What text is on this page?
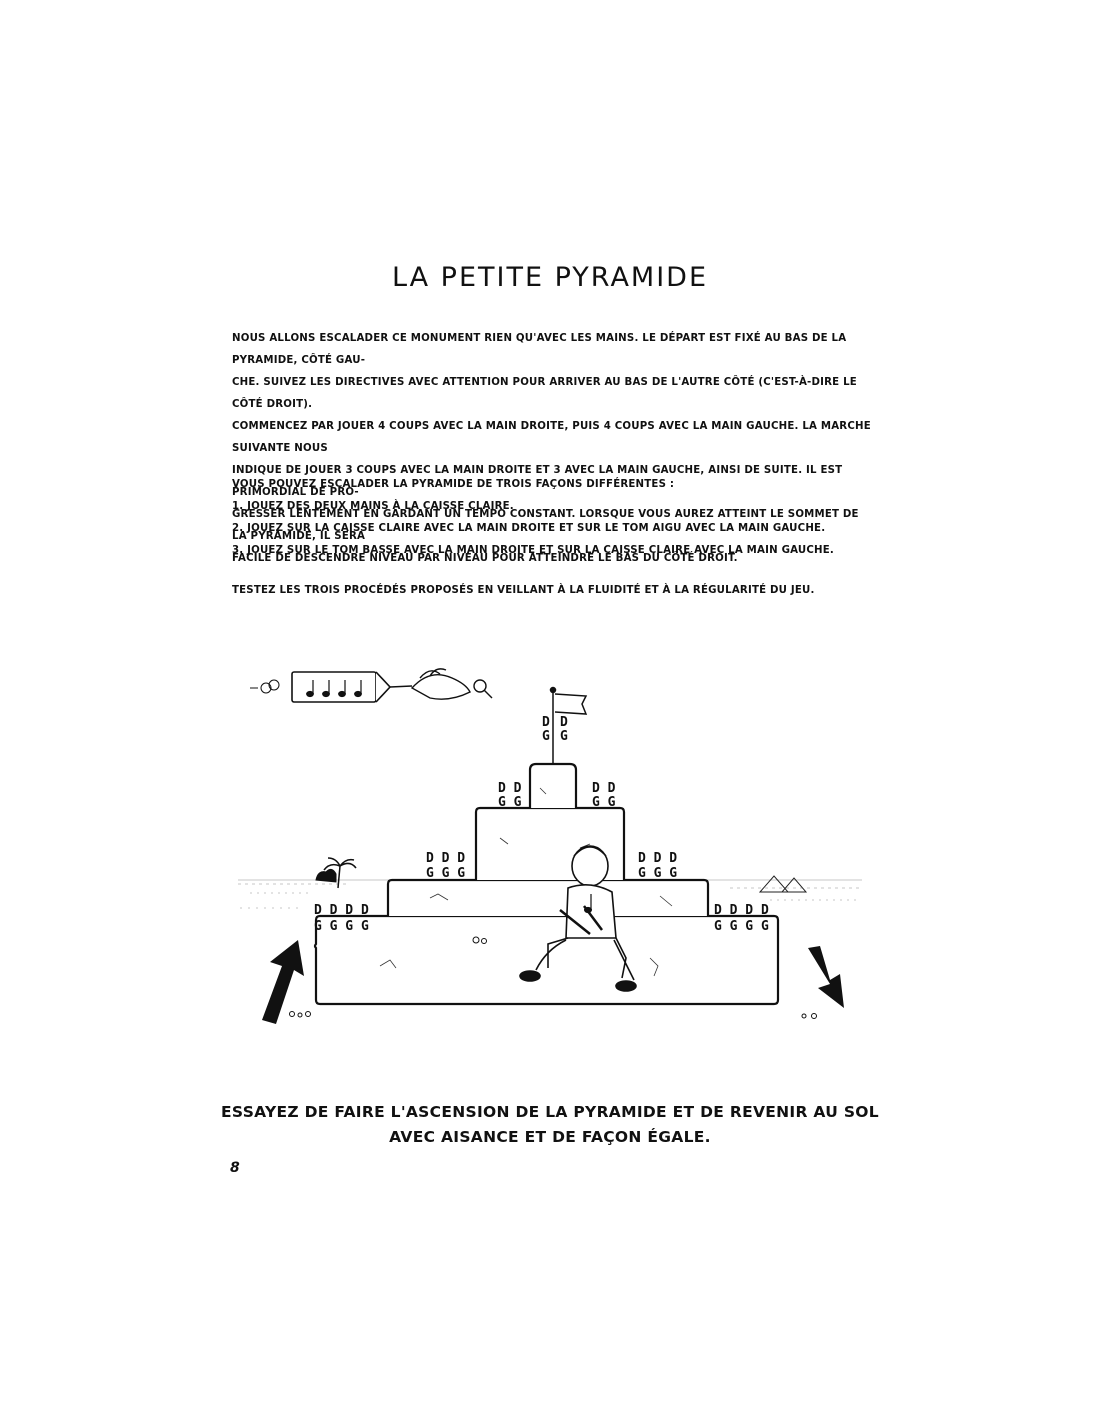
LA PETITE PYRAMIDE

NOUS ALLONS ESCALADER CE MONUMENT RIEN QU'AVEC LES MAINS. LE DÉPART EST FIXÉ AU BAS DE LA PYRAMIDE, CÔTÉ GAU-

CHE. SUIVEZ LES DIRECTIVES AVEC ATTENTION POUR ARRIVER AU BAS DE L'AUTRE CÔTÉ (C'EST-À-DIRE LE CÔTÉ DROIT).

COMMENCEZ PAR JOUER 4 COUPS AVEC LA MAIN DROITE, PUIS 4 COUPS AVEC LA MAIN GAUCHE. LA MARCHE SUIVANTE NOUS

INDIQUE DE JOUER 3 COUPS AVEC LA MAIN DROITE ET 3 AVEC LA MAIN GAUCHE, AINSI DE SUITE. IL EST PRIMORDIAL DE PRO-

GRESSER LENTEMENT EN GARDANT UN TEMPO CONSTANT. LORSQUE VOUS AUREZ ATTEINT LE SOMMET DE LA PYRAMIDE, IL SERA

FACILE DE DESCENDRE NIVEAU PAR NIVEAU POUR ATTEINDRE LE BAS DU CÔTÉ DROIT.

VOUS POUVEZ ESCALADER LA PYRAMIDE DE TROIS FAÇONS DIFFÉRENTES :

1. JOUEZ DES DEUX MAINS À LA CAISSE CLAIRE.

2. JOUEZ SUR LA CAISSE CLAIRE AVEC LA MAIN DROITE ET SUR LE TOM AIGU AVEC LA MAIN GAUCHE.

3. JOUEZ SUR LE TOM BASSE AVEC LA MAIN DROITE ET SUR LA CAISSE CLAIRE AVEC LA MAIN GAUCHE.

TESTEZ LES TROIS PROCÉDÉS PROPOSÉS EN VEILLANT À LA FLUIDITÉ ET À LA RÉGULARITÉ DU JEU.

D D D D
G G G G
D D D D
G G G G
D D D
G G G
D D D
G G G
D D
G G
D D
G G
D
G
D
G

ESSAYEZ DE FAIRE L'ASCENSION DE LA PYRAMIDE ET DE REVENIR AU SOL

AVEC AISANCE ET DE FAÇON ÉGALE.

8
